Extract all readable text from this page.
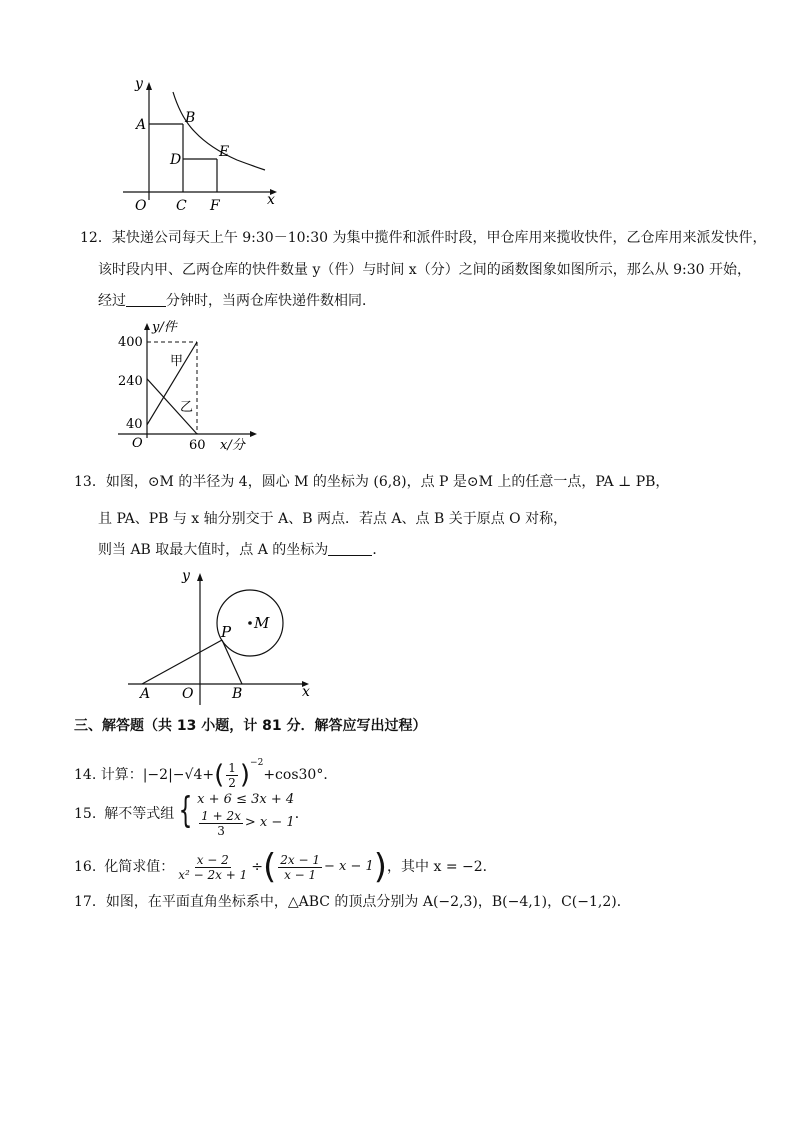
y
x
O
A	B
C
D	E
F
12．某快递公司每天上午 9:30－10:30 为集中揽件和派件时段，甲仓库用来揽收快件，乙仓库用来派发快件，
该时段内甲、乙两仓库的快件数量 y（件）与时间 x（分）之间的函数图象如图所示，那么从 9:30 开始，
经过	分钟时，当两仓库快递件数相同．
y/件
x/分
O
400
240
40
60
甲
乙
13．如图，⊙M 的半径为 4，圆心 M 的坐标为 (6,8)，点 P 是⊙M 上的任意一点，PA ⊥ PB，
且 PA、PB 与 x 轴分别交于 A、B 两点．若点 A、点 B 关于原点 O 对称，
则当 AB 取最大值时，点 A 的坐标为	．
y
x
O
A	B
P M
三、解答题（共 13 小题，计 81 分．解答应写出过程）
14. 计算：$|-2|-√4+( \frac{1}{2} )^{-2}+\cos 30^\circ$．
15. 解不等式组 { x + 6 ≤ 3x + 4
$\frac{1 + 2x}{3} > x - 1$
．
16. 化简求值： $\frac{x - 2}{\text{x² − 2x + 1}}$ ÷ ( $\frac{2x - 1}{x - 1} - x - 1$ ) ，其中 x = −2．
17．如图，在平面直角坐标系中，△ABC 的顶点分别为 A(−2,3)，B(−4,1)，C(−1,2)．
